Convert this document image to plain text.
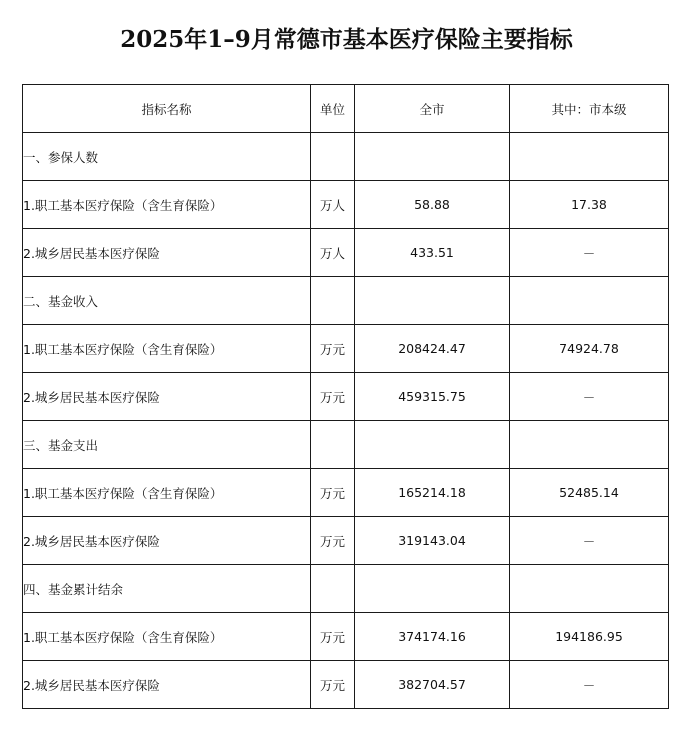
2025年1–9月常德市基本医疗保险主要指标
指标名称	单位	全市	其中：市本级
一、参保人数			
1.职工基本医疗保险（含生育保险）	万人	58.88	17.38
2.城乡居民基本医疗保险	万人	433.51	－
二、基金收入			
1.职工基本医疗保险（含生育保险）	万元	208424.47	74924.78
2.城乡居民基本医疗保险	万元	459315.75	－
三、基金支出			
1.职工基本医疗保险（含生育保险）	万元	165214.18	52485.14
2.城乡居民基本医疗保险	万元	319143.04	－
四、基金累计结余			
1.职工基本医疗保险（含生育保险）	万元	374174.16	194186.95
2.城乡居民基本医疗保险	万元	382704.57	－
